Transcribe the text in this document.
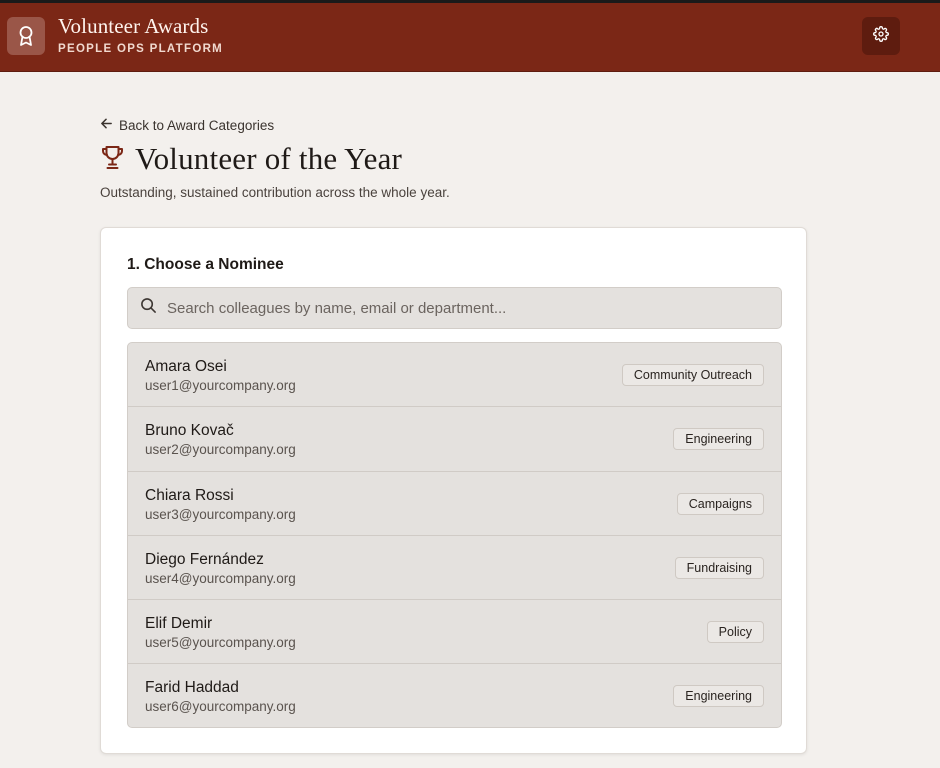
Volunteer Awards
PEOPLE OPS PLATFORM
Back to Award Categories
Volunteer of the Year

Outstanding, sustained contribution across the whole year.

1. Choose a Nominee
Search colleagues by name, email or department...
Amara Osei
user1@yourcompany.org
Community Outreach
Bruno Kovač
user2@yourcompany.org
Engineering
Chiara Rossi
user3@yourcompany.org
Campaigns
Diego Fernández
user4@yourcompany.org
Fundraising
Elif Demir
user5@yourcompany.org
Policy
Farid Haddad
user6@yourcompany.org
Engineering
